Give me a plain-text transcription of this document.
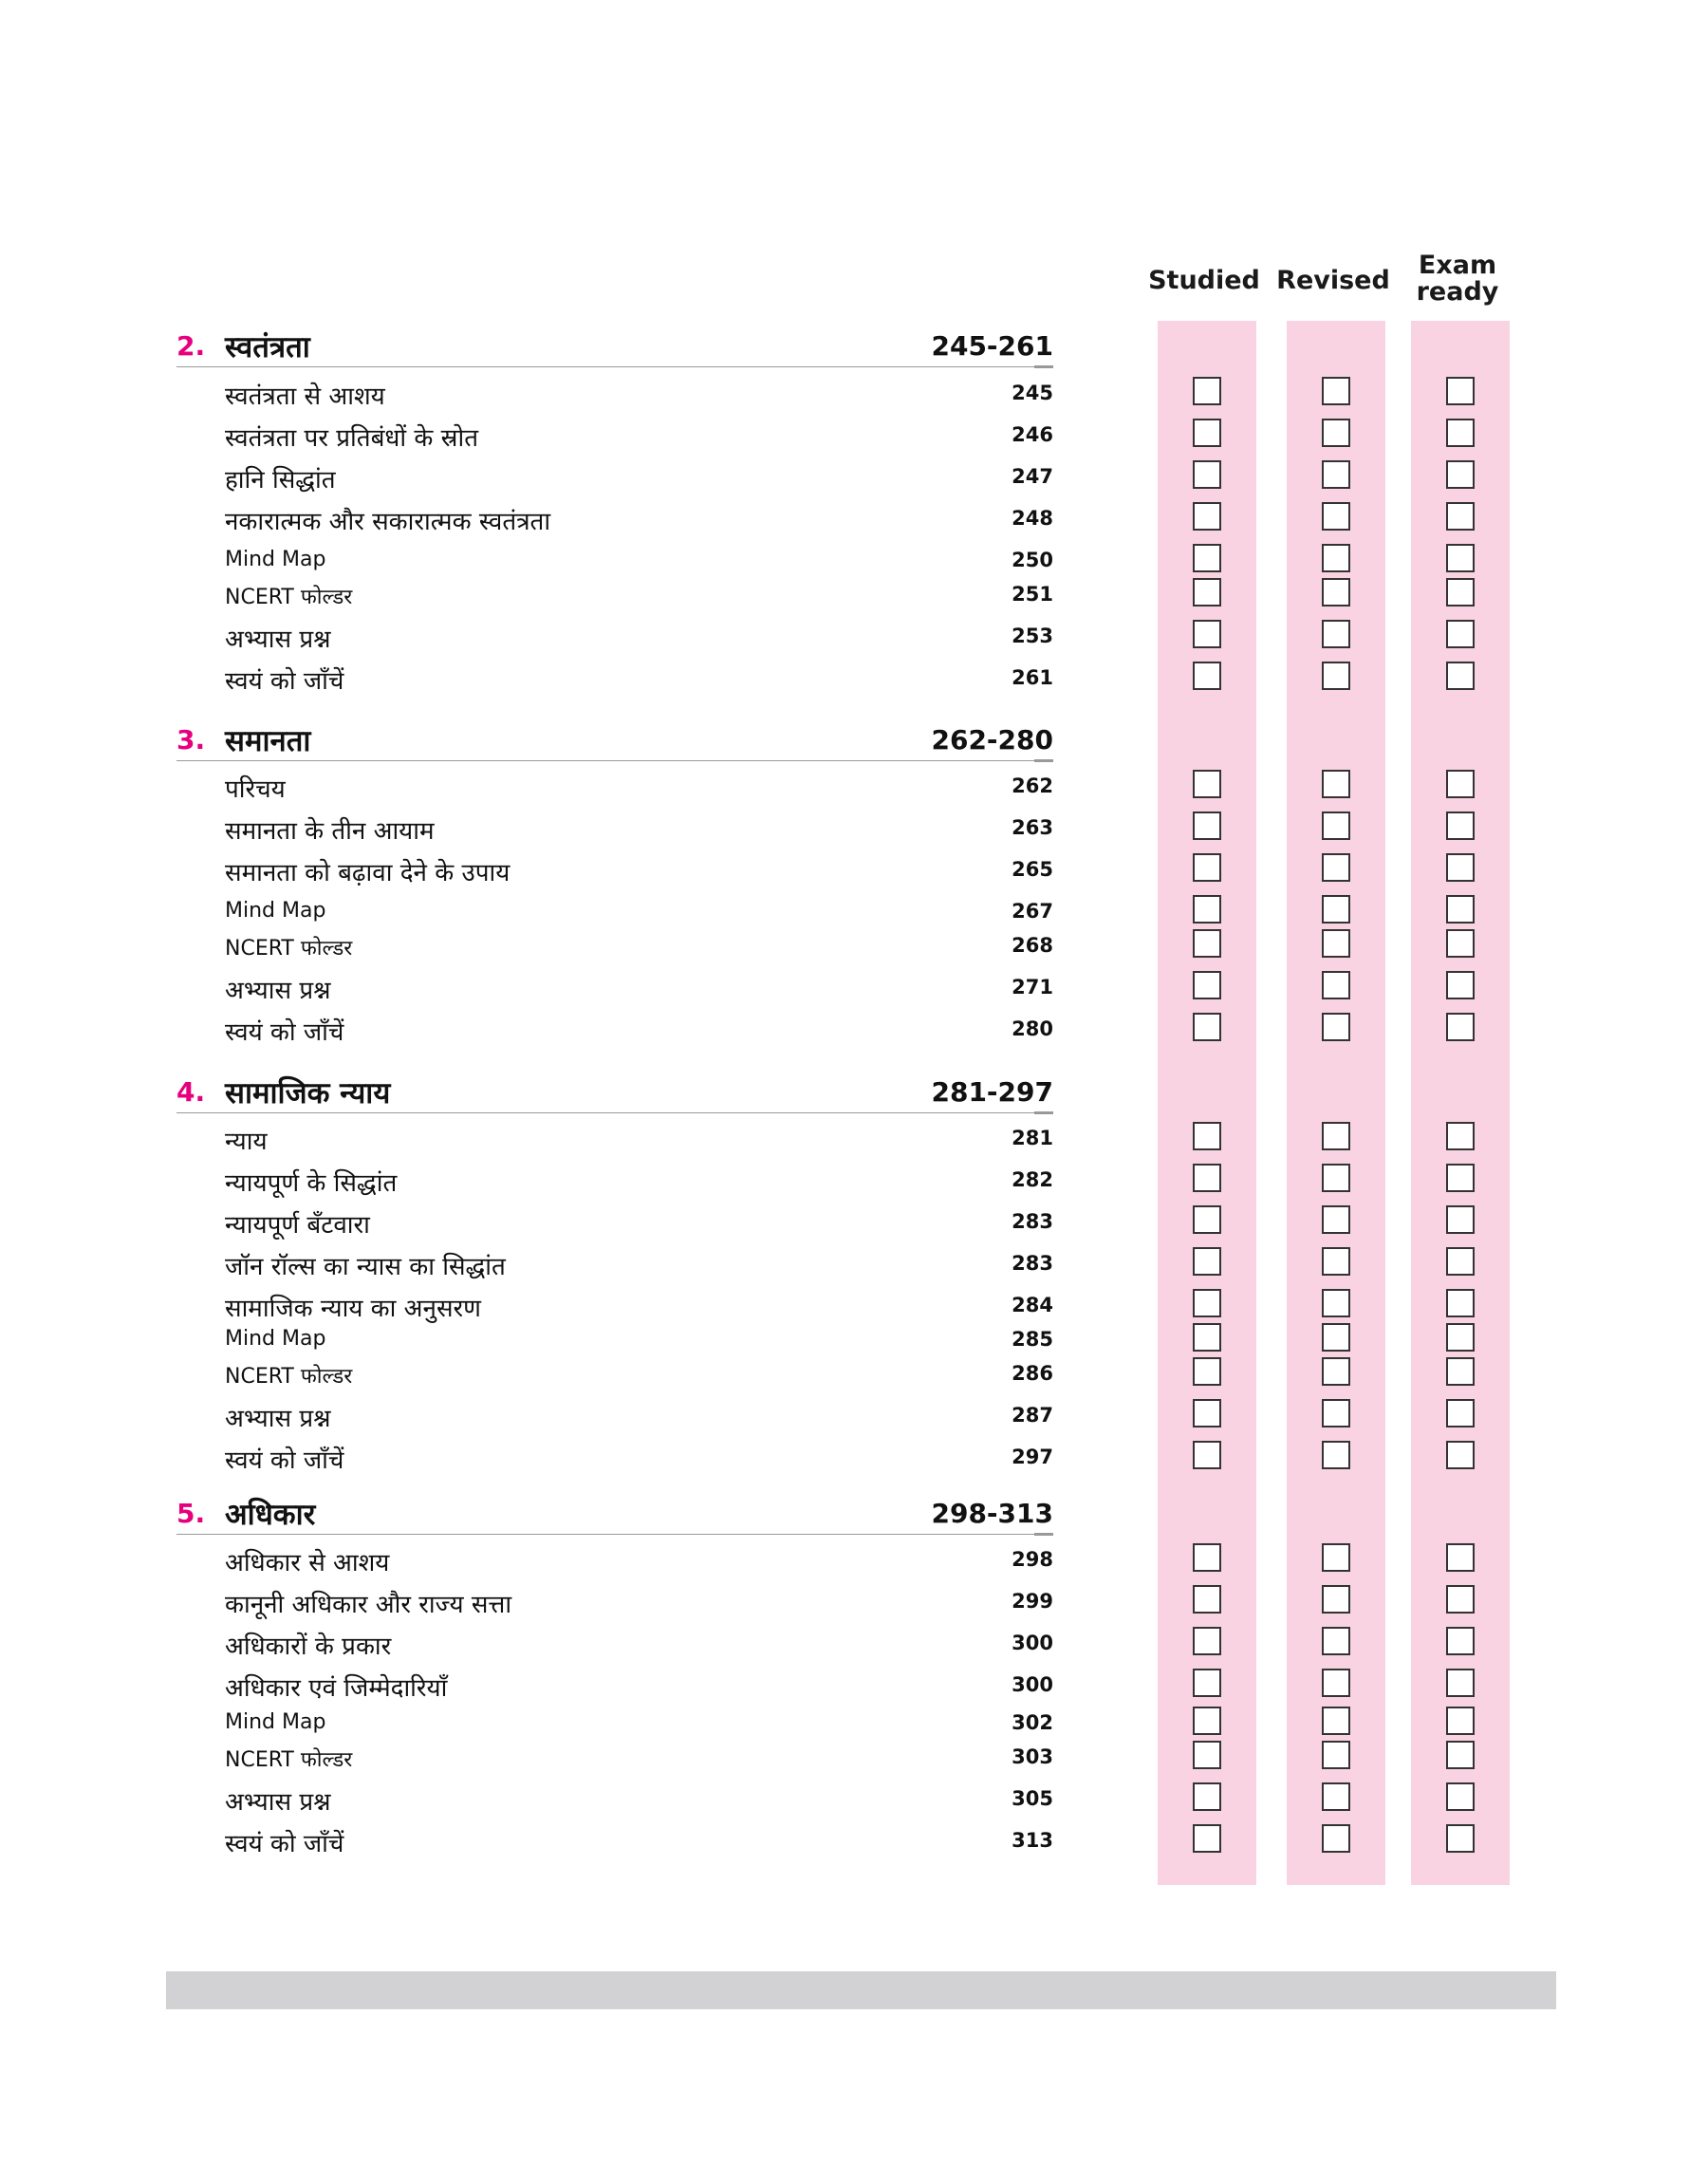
Studied Revised
Exam
ready
2. स्वतंत्रता	245-261
स्वतंत्रता से आशय	245
स्वतंत्रता पर प्रतिबंधों के स्रोत	246
हानि सिद्धांत	247
नकारात्मक और सकारात्मक स्वतंत्रता	248
Mind Map	250
NCERT फोल्डर	251
अभ्यास प्रश्न	253
स्वयं को जाँचें	261
3. समानता	262-280
परिचय	262
समानता के तीन आयाम	263
समानता को बढ़ावा देने के उपाय	265
Mind Map	267
NCERT फोल्डर	268
अभ्यास प्रश्न	271
स्वयं को जाँचें	280
4. सामाजिक न्याय	281-297
न्याय	281
न्यायपूर्ण के सिद्धांत	282
न्यायपूर्ण बँटवारा	283
जॉन रॉल्स का न्यास का सिद्धांत	283
सामाजिक न्याय का अनुसरण	284
Mind Map	285
NCERT फोल्डर	286
अभ्यास प्रश्न	287
स्वयं को जाँचें	297
5. अधिकार	298-313
अधिकार से आशय	298
कानूनी अधिकार और राज्य सत्ता	299
अधिकारों के प्रकार	300
अधिकार एवं जिम्मेदारियाँ	300
Mind Map	302
NCERT फोल्डर	303
अभ्यास प्रश्न	305
स्वयं को जाँचें	313
